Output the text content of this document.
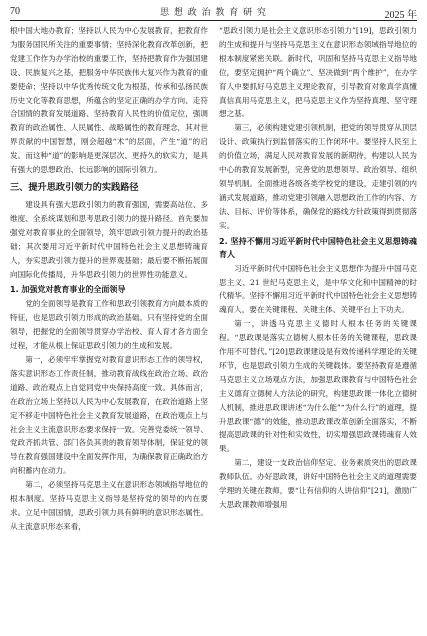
70	思 想 政 治 教 育 研 究	2025 年

根中国大地办教育；坚持以人民为中心发展教育，把教育作为服务国民所关注的重要事情；坚持深化教育改革创新，把党建工作作为办学治校的重要工作，坚持把教育作为强国建设、民族复兴之基，把服务中华民族伟大复兴作为教育的重要使命；坚持以中华优秀传统文化为根基，传承和弘扬民族历史文化等教育思想，所蕴含的坚定正确的办学方向、走符合国情的教育发展道路、坚持教育人民性的价值定位，强调教育的政治属性、人民属性、战略属性的教育理念，其对世界贡献的中国智慧，刚会超越“术”的层面，产生“道”的启发。而这种“道”的影响是更深层次、更持久的软实力，是具有强大的思想政治、长远影响的国际引领力。

三、提升思政引领力的实践路径

建设具有强大思政引领力的教育强国，需要高站位、多维度、全系统谋划和思考思政引领力的提升路径。首先要加强党对教育事业的全面领导，筑牢思政引领力提升的政治基础；其次要用习近平新时代中国特色社会主义思想铸魂育人，夯实思政引领力提升的世界观基础；最后要不断拓展面向国际化传播局，升华思政引领力的世界性功能意义。

1. 加强党对教育事业的全面领导

党的全面领导是教育工作和思政引领教育方向最本质的特征，也是思政引领力形成的政治基础。只有坚持党的全面领导，把握党的全面领导贯穿办学治校、育人育才各方面全过程，才能从根上保证思政引领力的生成和发展。

第一，必须牢牢掌握党对教育意识形态工作的领导权，落实意识形态工作责任制，推动教育战线在政治立场、政治道路、政治观点上自觉同党中央保持高度一致。具体而言，在政治立场上坚持以人民为中心发展教育，在政治道路上坚定不移走中国特色社会主义教育发展道路，在政治观点上与社会主义主流意识形态要求保持一致。完善党委统一领导、党政齐抓共管、部门各负其责的教育领导体制，保证党的领导在教育强国建设中全面发挥作用，为确保教育正确政治方向积蓄内在动力。

第二，必须坚持马克思主义在意识形态领域指导地位的根本制度。坚持马克思主义指导是坚持党的领导的内在要求。立足中国国情，思政引领力具有鲜明的意识形态属性。从主流意识形态来看，

“思政引领力是社会主义意识形态引领力”[19]，思政引领力的生成和提升与坚持马克思主义在意识形态领域指导地位的根本制度紧密关联。新时代，巩固和坚持马克思主义指导地位，要坚定拥护“两个确立”、坚决做到“两个维护”，在办学育人中要抓好马克思主义理论教育，引导教育对象真学真懂真信真用马克思主义，把马克思主义作为坚持真理、坚守理想之基。

第三，必须构建党建引领机制，把党的领导贯穿从顶层设计、政策执行到监督落实的工作闭环中。要坚持人民至上的价值立场，满足人民对教育发展的新期待，构建以人民为中心的教育发展新型，完善党的思想领导、政治领导、组织领导机制。全面推进各级各类学校党的建设，走建引领的内涵式发展道路，推动党建引领融入思想政治工作的内容、方法、目标、评价等体系，确保党的路线方针政策得到贯彻落实。

2. 坚持不懈用习近平新时代中国特色社会主义思想铸魂育人

习近平新时代中国特色社会主义思想作为提升中国马克思主义、21 世纪马克思主义，是中华文化和中国精神的时代精华。坚持不懈用习近平新时代中国特色社会主义思想铸魂育人，要在关键课程、关键主体、关键平台上下功夫。

第一，讲透马克思主义德时人根本任务的关键课程。“思政课是落实立德树人根本任务的关键课程，思政课作用不可替代。”[20]思政课建设是有效传递科学理论的关键环节，也是思政引领力生成的关键载体。要坚持教育是遵循马克思主义立场观点方法，加强思政课教育与中国特色社会主义德育立德树人方法论的研究，构建思政课一体化立德树人机制，推进思政课讲述“为什么能”“为什么行”的道理，提升思政课“德”的效能，推动思政课改革创新全面落实，不断提高思政课的针对性和实效性，切实增强思政课铸魂育人效果。

第二，建设一支政治信仰坚定、业务素质突出的思政课教师队伍。办好思政课，讲好中国特色社会主义的道理需要学理的关键在教师，要“让有信仰的人讲信仰”[21]，激励广大思政课教师增强用
